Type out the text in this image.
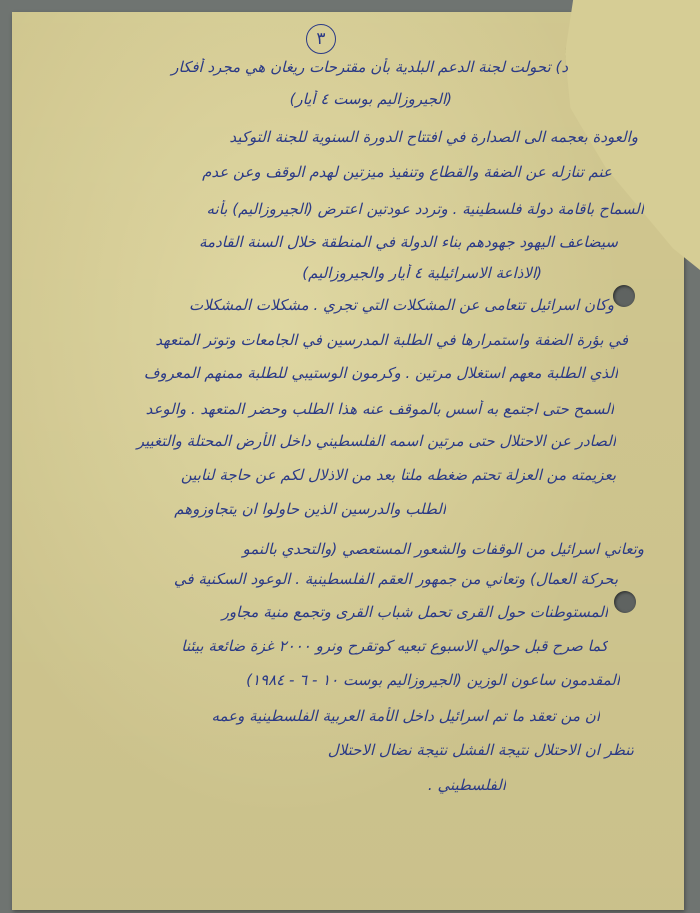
٣
د) تحولت لجنة الدعم البلدية بأن مقترحات ريغان هي مجرد أفكار
(الجيروزاليم بوست ٤ أيار)
والعودة بعجمه الى الصدارة في افتتاح الدورة السنوية للجنة التوكيد
عنم تنازله عن الضفة والقطاع وتنفيذ ميزتين لهدم الوقف وعن عدم
السماح باقامة دولة فلسطينية . وتردد عودتين اعترض (الجيروزاليم) بأنه
سيضاعف اليهود جهودهم بناء الدولة في المنطقة خلال السنة القادمة
(الاذاعة الاسرائيلية ٤ أيار والجيروزاليم)
وكان اسرائيل تتعامى عن المشكلات التي تجري . مشكلات المشكلات
في بؤرة الضفة واستمرارها في الطلبة المدرسين في الجامعات وتوتر المتعهد
الذي الطلبة معهم استغلال مرتين . وكرمون الوستيبي للطلبة ممنهم المعروف
السمح حتى اجتمع به أسس بالموقف عنه هذا الطلب وحضر المتعهد . والوعد
الصادر عن الاحتلال حتى مرتين اسمه الفلسطيني داخل الأرض المحتلة والتغيير
بعزيمته من العزلة تحتم ضغطه ملتا بعد من الاذلال لكم عن حاجة لنابين
الطلب والدرسين الذين حاولوا ان يتجاوزوهم
وتعاني اسرائيل من الوقفات والشعور المستعصي (والتحدي بالنمو
بحركة العمال) وتعاني من جمهور العقم الفلسطينية . الوعود السكنية في
المستوطنات حول القرى تحمل شباب القرى وتجمع منية مجاور
كما صرح قبل حوالي الاسبوع تبعيه كوتقرح ونرو ٢٠٠٠ غزة ضائعة بيئنا
المقدمون ساعون الوزين (الجيروزاليم بوست ١٠ - ٦ - ١٩٨٤)
ان من تعقد ما تم اسرائيل داخل الأمة العربية الفلسطينية وعمه
تنظر ان الاحتلال نتيجة الفشل نتيجة نضال الاحتلال
الفلسطيني .
